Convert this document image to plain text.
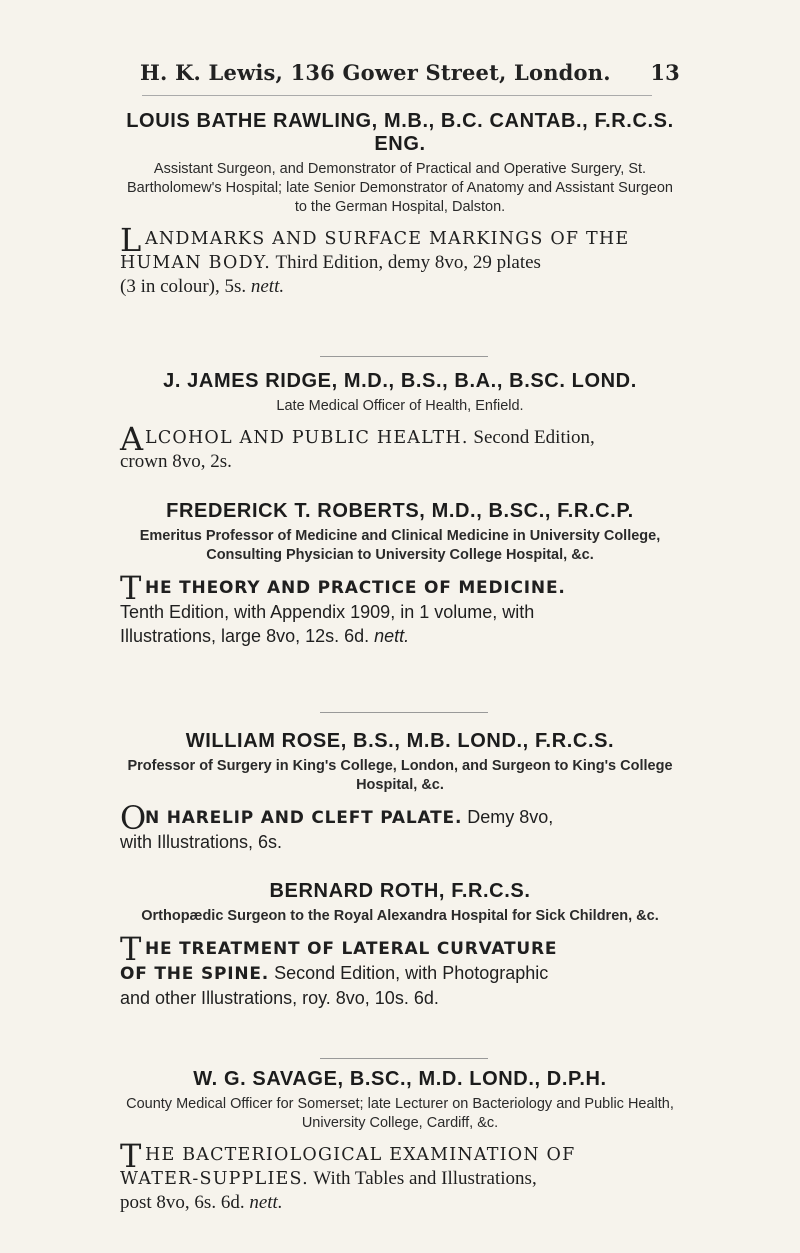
H. K. Lewis, 136 Gower Street, London. 13

LOUIS BATHE RAWLING, M.B., B.C. CANTAB., F.R.C.S. ENG.

Assistant Surgeon, and Demonstrator of Practical and Operative Surgery, St. Bartholomew's Hospital; late Senior Demonstrator of Anatomy and Assistant Surgeon to the German Hospital, Dalston.

L ANDMARKS AND SURFACE MARKINGS OF THE
HUMAN BODY. Third Edition, demy 8vo, 29 plates
(3 in colour), 5s. nett.

J. JAMES RIDGE, M.D., B.S., B.A., B.SC. LOND.

Late Medical Officer of Health, Enfield.

A LCOHOL AND PUBLIC HEALTH. Second Edition,
crown 8vo, 2s.

FREDERICK T. ROBERTS, M.D., B.SC., F.R.C.P.

Emeritus Professor of Medicine and Clinical Medicine in University College, Consulting Physician to University College Hospital, &c.

T HE THEORY AND PRACTICE OF MEDICINE.
Tenth Edition, with Appendix 1909, in 1 volume, with
Illustrations, large 8vo, 12s. 6d. nett.

WILLIAM ROSE, B.S., M.B. LOND., F.R.C.S.

Professor of Surgery in King's College, London, and Surgeon to King's College Hospital, &c.

O
N HARELIP AND CLEFT PALATE. Demy 8vo,
with Illustrations, 6s.

BERNARD ROTH, F.R.C.S.

Orthopædic Surgeon to the Royal Alexandra Hospital for Sick Children, &c.

T HE TREATMENT OF LATERAL CURVATURE
OF THE SPINE. Second Edition, with Photographic
and other Illustrations, roy. 8vo, 10s. 6d.

W. G. SAVAGE, B.SC., M.D. LOND., D.P.H.

County Medical Officer for Somerset; late Lecturer on Bacteriology and Public Health, University College, Cardiff, &c.

T HE BACTERIOLOGICAL EXAMINATION OF
WATER-SUPPLIES. With Tables and Illustrations,
post 8vo, 6s. 6d. nett.
